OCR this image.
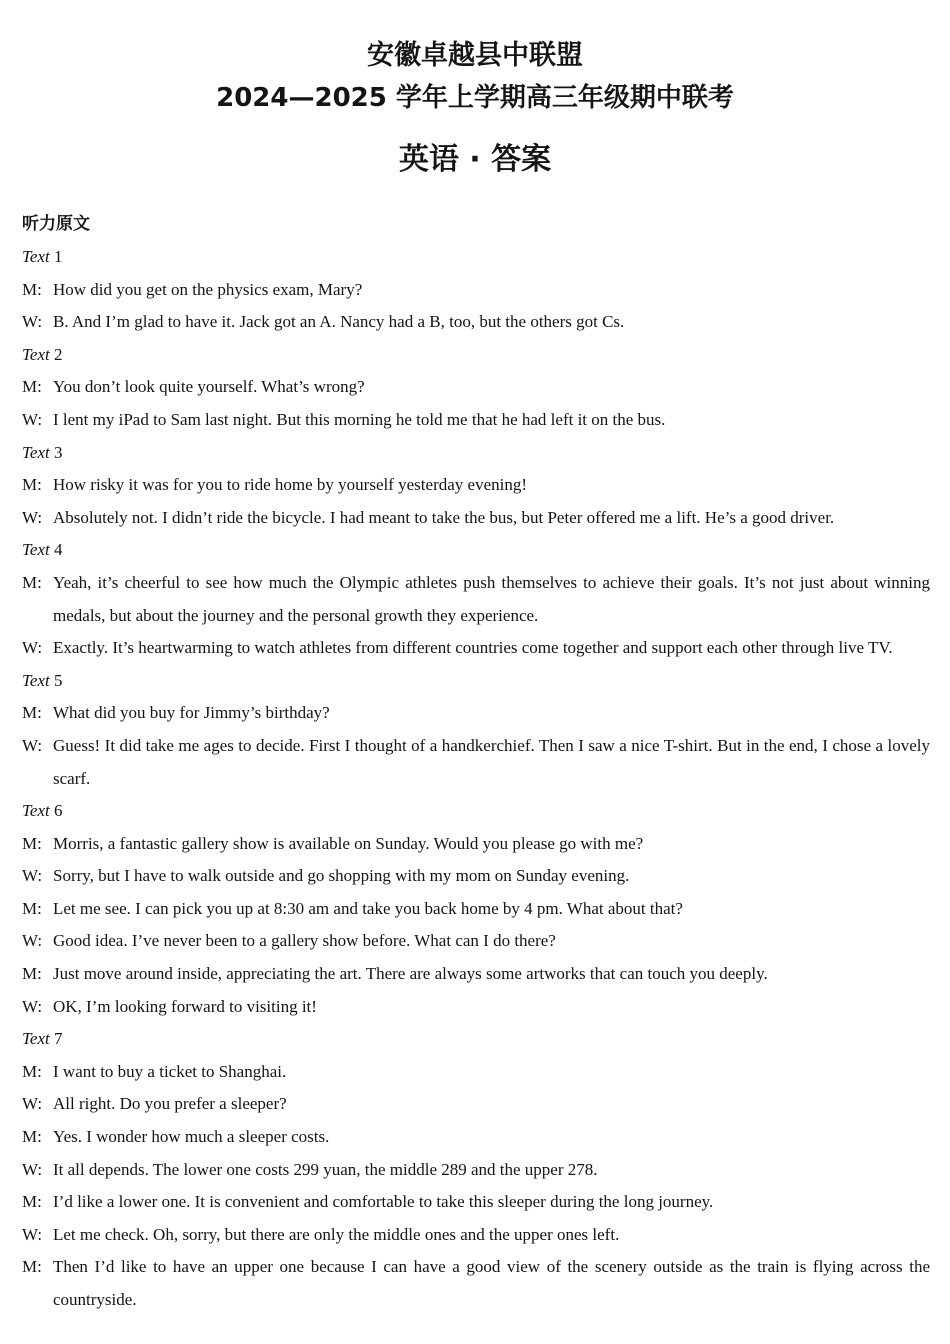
安徽卓越县中联盟
2024—2025 学年上学期高三年级期中联考
英语 · 答案
听力原文
Text 1
M: How did you get on the physics exam, Mary?
W: B. And I’m glad to have it. Jack got an A. Nancy had a B, too, but the others got Cs.
Text 2
M: You don’t look quite yourself. What’s wrong?
W: I lent my iPad to Sam last night. But this morning he told me that he had left it on the bus.
Text 3
M: How risky it was for you to ride home by yourself yesterday evening!
W: Absolutely not. I didn’t ride the bicycle. I had meant to take the bus, but Peter offered me a lift. He’s a good driver.
Text 4
M: Yeah, it’s cheerful to see how much the Olympic athletes push themselves to achieve their goals. It’s not just about winning medals, but about the journey and the personal growth they experience.
W: Exactly. It’s heartwarming to watch athletes from different countries come together and support each other through live TV.
Text 5
M: What did you buy for Jimmy’s birthday?
W: Guess! It did take me ages to decide. First I thought of a handkerchief. Then I saw a nice T-shirt. But in the end, I chose a lovely scarf.
Text 6
M: Morris, a fantastic gallery show is available on Sunday. Would you please go with me?
W: Sorry, but I have to walk outside and go shopping with my mom on Sunday evening.
M: Let me see. I can pick you up at 8:30 am and take you back home by 4 pm. What about that?
W: Good idea. I’ve never been to a gallery show before. What can I do there?
M: Just move around inside, appreciating the art. There are always some artworks that can touch you deeply.
W: OK, I’m looking forward to visiting it!
Text 7
M: I want to buy a ticket to Shanghai.
W: All right. Do you prefer a sleeper?
M: Yes. I wonder how much a sleeper costs.
W: It all depends. The lower one costs 299 yuan, the middle 289 and the upper 278.
M: I’d like a lower one. It is convenient and comfortable to take this sleeper during the long journey.
W: Let me check. Oh, sorry, but there are only the middle ones and the upper ones left.
M: Then I’d like to have an upper one because I can have a good view of the scenery outside as the train is flying across the countryside.
